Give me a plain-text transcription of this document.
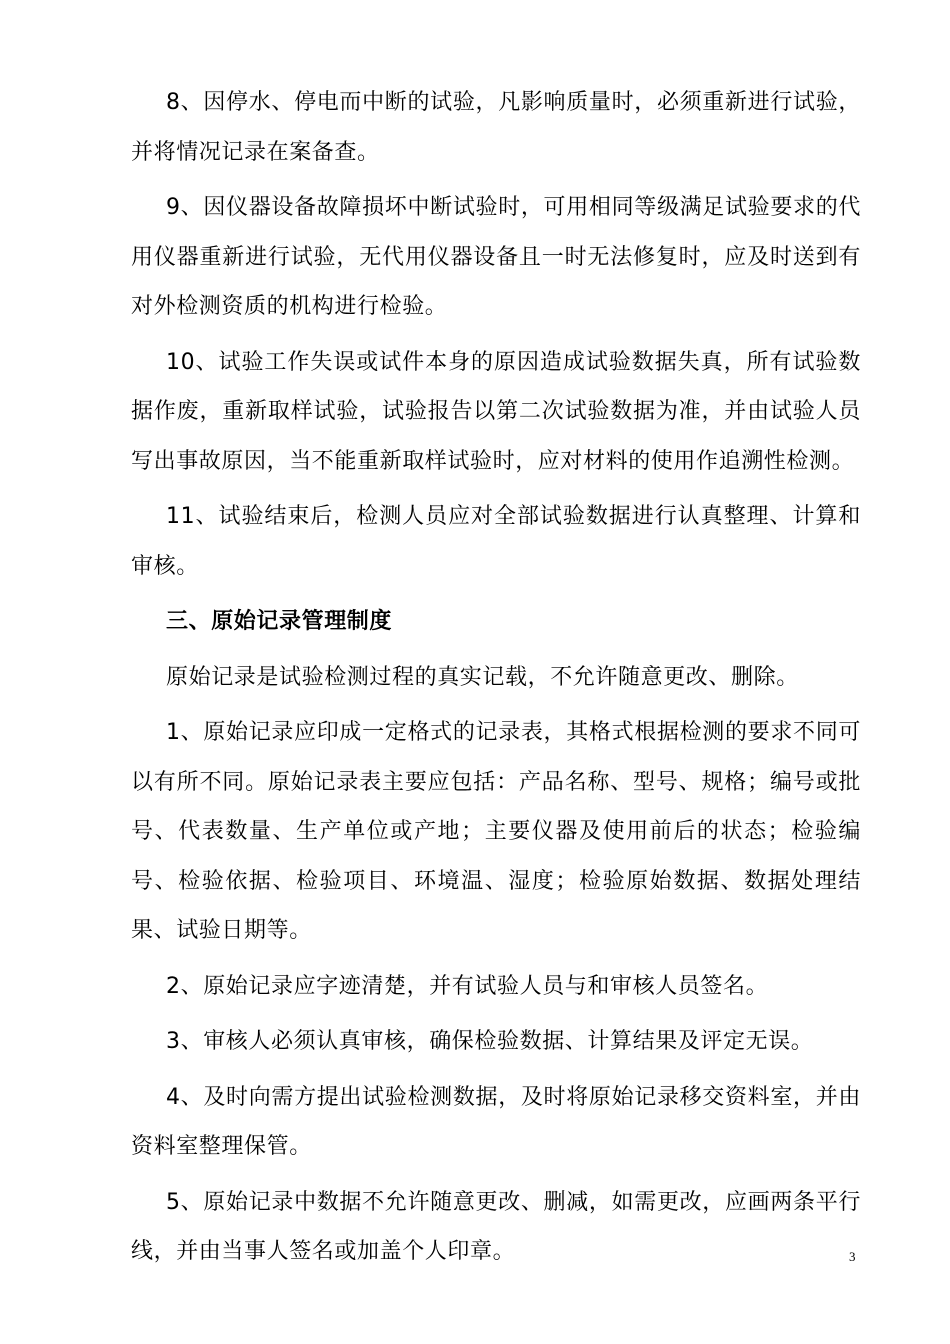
8、因停水、停电而中断的试验，凡影响质量时，必须重新进行试验，并将情况记录在案备查。

9、因仪器设备故障损坏中断试验时，可用相同等级满足试验要求的代用仪器重新进行试验，无代用仪器设备且一时无法修复时，应及时送到有对外检测资质的机构进行检验。

10、试验工作失误或试件本身的原因造成试验数据失真，所有试验数据作废，重新取样试验，试验报告以第二次试验数据为准，并由试验人员写出事故原因，当不能重新取样试验时，应对材料的使用作追溯性检测。

11、试验结束后，检测人员应对全部试验数据进行认真整理、计算和审核。

三、原始记录管理制度

原始记录是试验检测过程的真实记载，不允许随意更改、删除。

1、原始记录应印成一定格式的记录表，其格式根据检测的要求不同可以有所不同。原始记录表主要应包括：产品名称、型号、规格；编号或批号、代表数量、生产单位或产地；主要仪器及使用前后的状态；检验编号、检验依据、检验项目、环境温、湿度；检验原始数据、数据处理结果、试验日期等。

2、原始记录应字迹清楚，并有试验人员与和审核人员签名。

3、审核人必须认真审核，确保检验数据、计算结果及评定无误。

4、及时向需方提出试验检测数据，及时将原始记录移交资料室，并由资料室整理保管。

5、原始记录中数据不允许随意更改、删减，如需更改，应画两条平行线，并由当事人签名或加盖个人印章。	3
